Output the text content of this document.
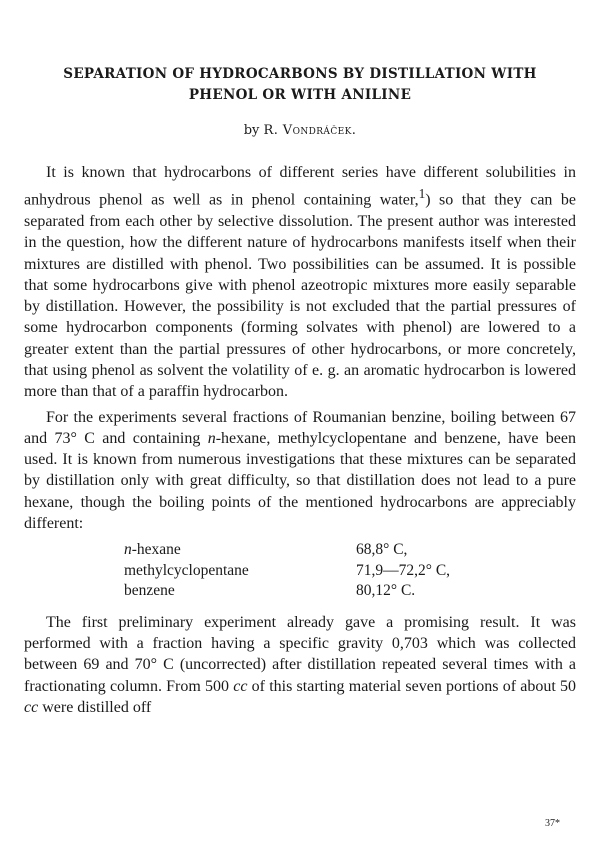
SEPARATION OF HYDROCARBONS BY DISTILLATION WITH
PHENOL OR WITH ANILINE
by R. Vondráček.

It is known that hydrocarbons of different series have different solubilities in anhydrous phenol as well as in phenol containing water,$^1$) so that they can be separated from each other by selective dissolution. The present author was interested in the question, how the different nature of hydrocarbons manifests itself when their mixtures are distilled with phenol. Two possibilities can be assumed. It is possible that some hydrocarbons give with phenol azeotropic mixtures more easily separable by distillation. However, the possibility is not excluded that the partial pressures of some hydrocarbon components (forming solvates with phenol) are lowered to a greater extent than the partial pressures of other hydrocarbons, or more concretely, that using phenol as solvent the volatility of e. g. an aromatic hydrocarbon is lowered more than that of a paraffin hydrocarbon.

For the experiments several fractions of Roumanian benzine, boiling between 67 and 73° C and containing n-hexane, methylcyclopentane and benzene, have been used. It is known from numerous investigations that these mixtures can be separated by distillation only with great difficulty, so that distillation does not lead to a pure hexane, though the boiling points of the mentioned hydrocarbons are appreciably different:

n-hexane	68,8° C,
methylcyclopentane	71,9—72,2° C,
benzene	80,12° C.

The first preliminary experiment already gave a promising result. It was performed with a fraction having a specific gravity 0,703 which was collected between 69 and 70° C (uncorrected) after distillation repeated several times with a fractionating column. From 500 cc of this starting material seven portions of about 50 cc were distilled off

37*
